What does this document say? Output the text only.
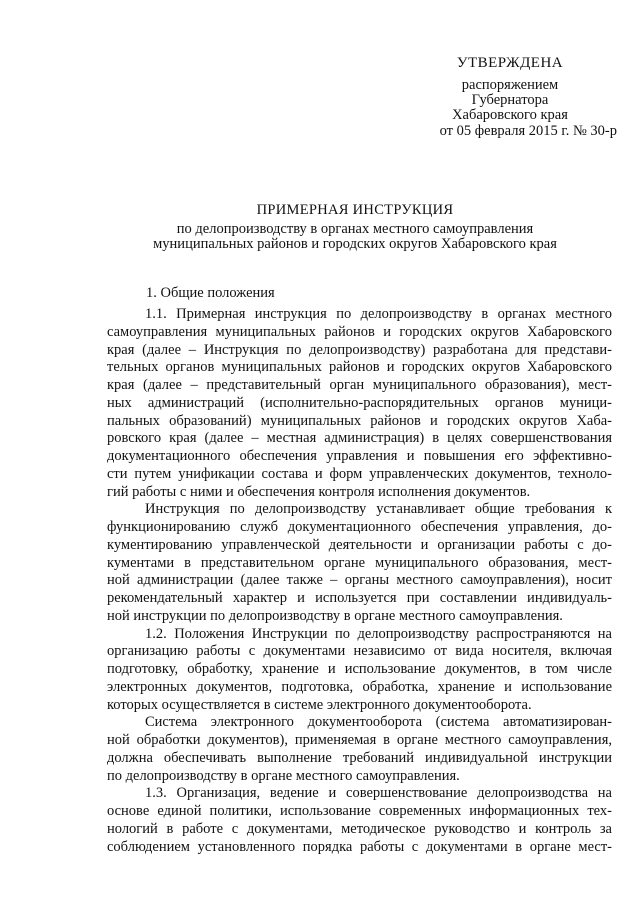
УТВЕРЖДЕНА
распоряжением
Губернатора
Хабаровского края
от 05 февраля 2015 г. № 30-р
ПРИМЕРНАЯ ИНСТРУКЦИЯ
по делопроизводству в органах местного самоуправления
муниципальных районов и городских округов Хабаровского края
1. Общие положения
1.1. Примерная инструкция по делопроизводству в органах местного
самоуправления муниципальных районов и городских округов Хабаровского
края (далее – Инструкция по делопроизводству) разработана для представи-
тельных органов муниципальных районов и городских округов Хабаровского
края (далее – представительный орган муниципального образования), мест-
ных администраций (исполнительно-распорядительных органов муници-
пальных образований) муниципальных районов и городских округов Хаба-
ровского края (далее – местная администрация) в целях совершенствования
документационного обеспечения управления и повышения его эффективно-
сти путем унификации состава и форм управленческих документов, техноло-
гий работы с ними и обеспечения контроля исполнения документов.
Инструкция по делопроизводству устанавливает общие требования к
функционированию служб документационного обеспечения управления, до-
кументированию управленческой деятельности и организации работы с до-
кументами в представительном органе муниципального образования, мест-
ной администрации (далее также – органы местного самоуправления), носит
рекомендательный характер и используется при составлении индивидуаль-
ной инструкции по делопроизводству в органе местного самоуправления.
1.2. Положения Инструкции по делопроизводству распространяются на
организацию работы с документами независимо от вида носителя, включая
подготовку, обработку, хранение и использование документов, в том числе
электронных документов, подготовка, обработка, хранение и использование
которых осуществляется в системе электронного документооборота.
Система электронного документооборота (система автоматизирован-
ной обработки документов), применяемая в органе местного самоуправления,
должна обеспечивать выполнение требований индивидуальной инструкции
по делопроизводству в органе местного самоуправления.
1.3. Организация, ведение и совершенствование делопроизводства на
основе единой политики, использование современных информационных тех-
нологий в работе с документами, методическое руководство и контроль за
соблюдением установленного порядка работы с документами в органе мест-
